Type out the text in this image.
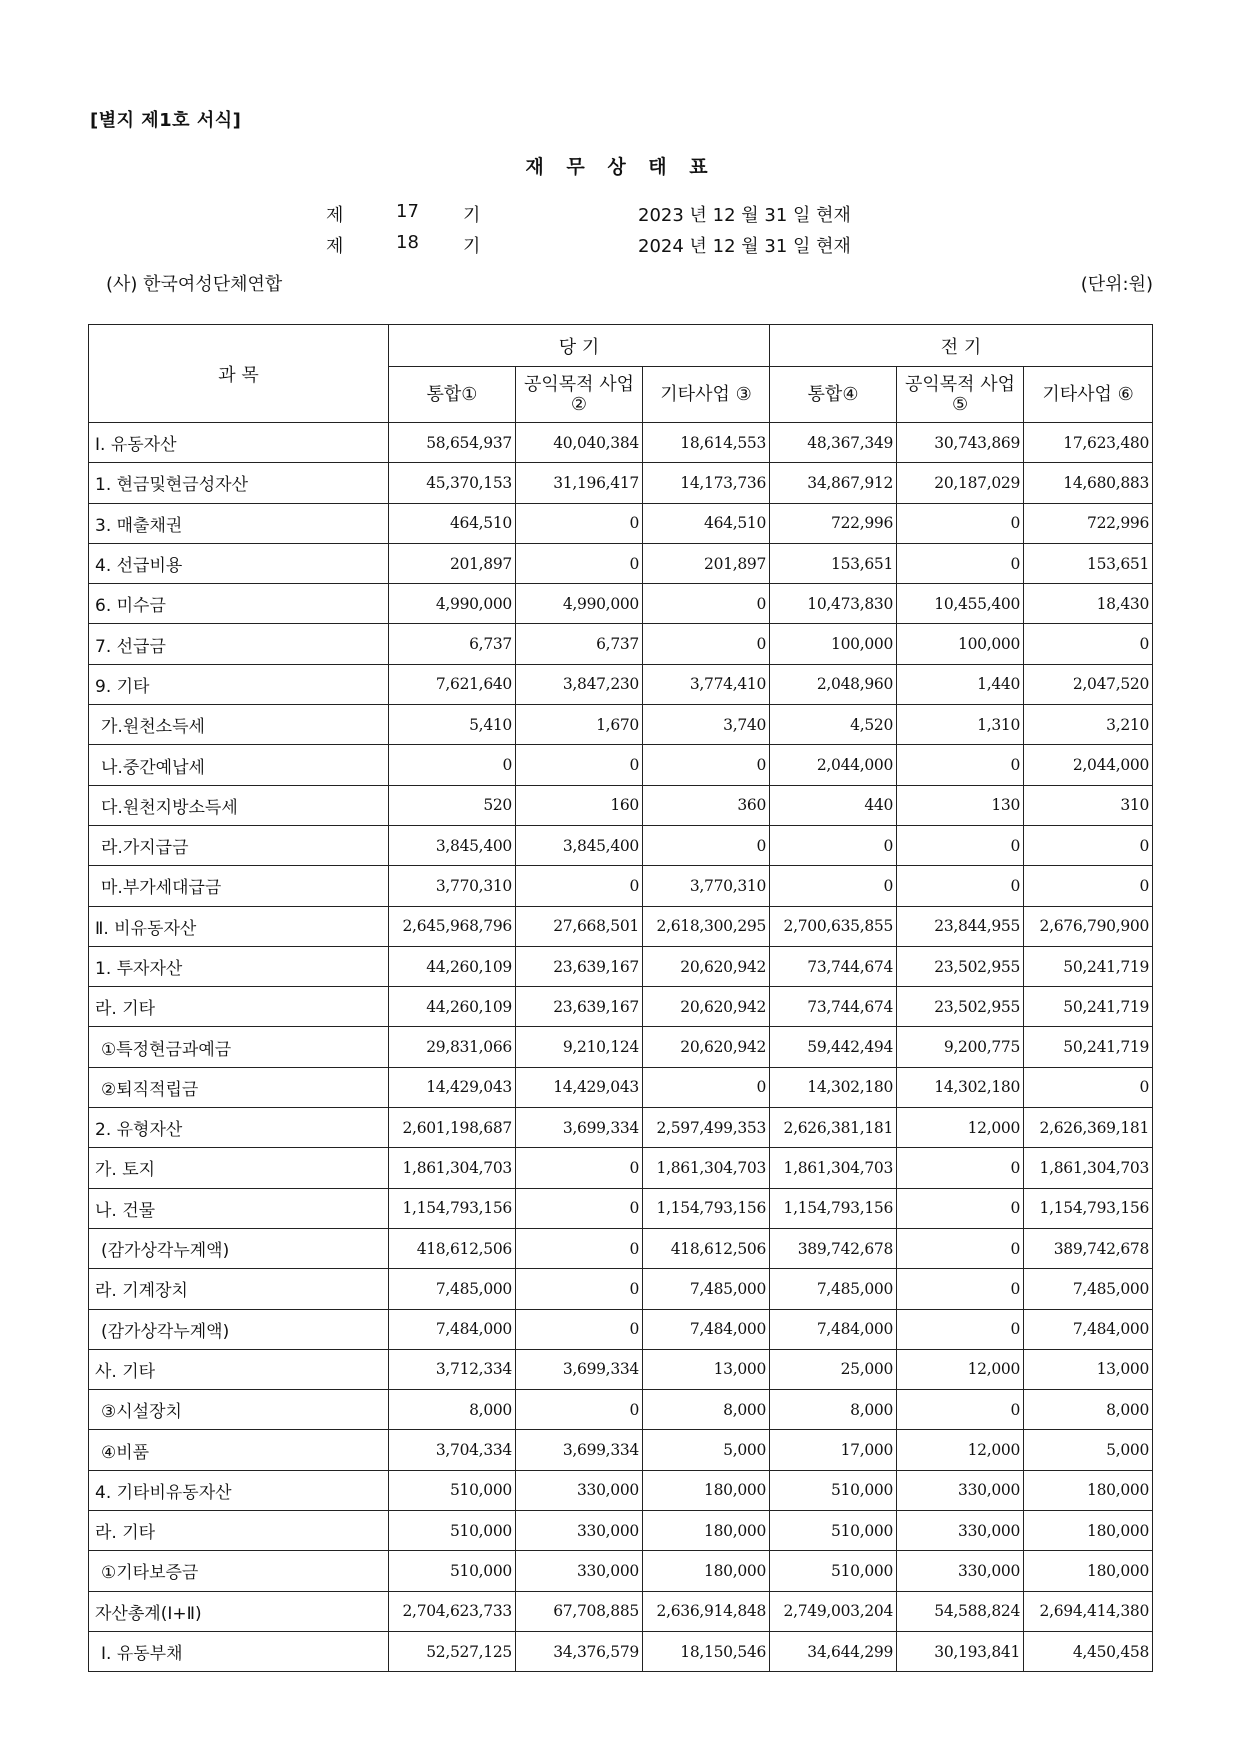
[별지 제1호 서식]
재 무 상 태 표
제	17 기	2023 년 12 월 31 일 현재
제	18 기	2024 년 12 월 31 일 현재
(사) 한국여성단체연합	(단위:원)
과 목	당 기			전 기		
	통합①	공익목적 사업②	기타사업 ③	통합④	공익목적 사업⑤	기타사업 ⑥
Ⅰ. 유동자산	58,654,937	40,040,384	18,614,553	48,367,349	30,743,869	17,623,480
1. 현금및현금성자산	45,370,153	31,196,417	14,173,736	34,867,912	20,187,029	14,680,883
3. 매출채권	464,510	0	464,510	722,996	0	722,996
4. 선급비용	201,897	0	201,897	153,651	0	153,651
6. 미수금	4,990,000	4,990,000	0	10,473,830	10,455,400	18,430
7. 선급금	6,737	6,737	0	100,000	100,000	0
9. 기타	7,621,640	3,847,230	3,774,410	2,048,960	1,440	2,047,520
가.원천소득세	5,410	1,670	3,740	4,520	1,310	3,210
나.중간예납세	0	0	0	2,044,000	0	2,044,000
다.원천지방소득세	520	160	360	440	130	310
라.가지급금	3,845,400	3,845,400	0	0	0	0
마.부가세대급금	3,770,310	0	3,770,310	0	0	0
Ⅱ. 비유동자산	2,645,968,796	27,668,501	2,618,300,295	2,700,635,855	23,844,955	2,676,790,900
1. 투자자산	44,260,109	23,639,167	20,620,942	73,744,674	23,502,955	50,241,719
라. 기타	44,260,109	23,639,167	20,620,942	73,744,674	23,502,955	50,241,719
①특정현금과예금	29,831,066	9,210,124	20,620,942	59,442,494	9,200,775	50,241,719
②퇴직적립금	14,429,043	14,429,043	0	14,302,180	14,302,180	0
2. 유형자산	2,601,198,687	3,699,334	2,597,499,353	2,626,381,181	12,000	2,626,369,181
가. 토지	1,861,304,703	0	1,861,304,703	1,861,304,703	0	1,861,304,703
나. 건물	1,154,793,156	0	1,154,793,156	1,154,793,156	0	1,154,793,156
(감가상각누계액)	418,612,506	0	418,612,506	389,742,678	0	389,742,678
라. 기계장치	7,485,000	0	7,485,000	7,485,000	0	7,485,000
(감가상각누계액)	7,484,000	0	7,484,000	7,484,000	0	7,484,000
사. 기타	3,712,334	3,699,334	13,000	25,000	12,000	13,000
③시설장치	8,000	0	8,000	8,000	0	8,000
④비품	3,704,334	3,699,334	5,000	17,000	12,000	5,000
4. 기타비유동자산	510,000	330,000	180,000	510,000	330,000	180,000
라. 기타	510,000	330,000	180,000	510,000	330,000	180,000
①기타보증금	510,000	330,000	180,000	510,000	330,000	180,000
자산총계(Ⅰ+Ⅱ)	2,704,623,733	67,708,885	2,636,914,848	2,749,003,204	54,588,824	2,694,414,380
Ⅰ. 유동부채	52,527,125	34,376,579	18,150,546	34,644,299	30,193,841	4,450,458
